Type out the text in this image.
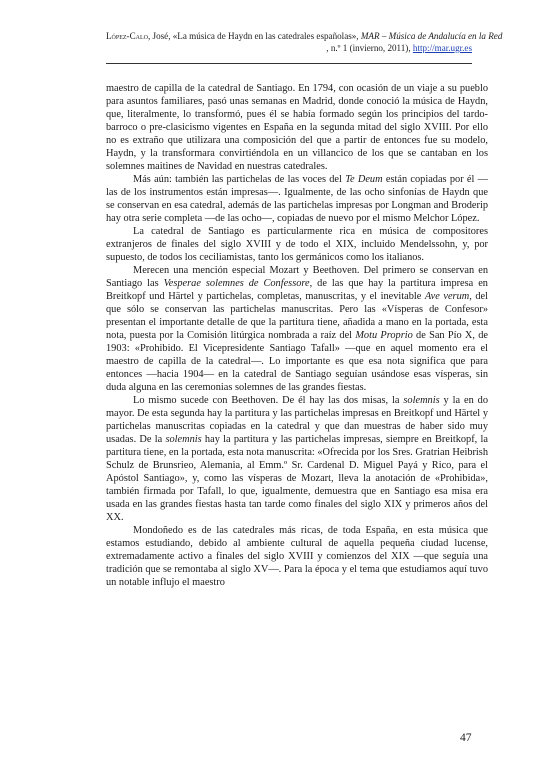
López-Calo, José, «La música de Haydn en las catedrales españolas», MAR – Música de Andalucía en la Red
, n.º 1 (invierno, 2011), http://mar.ugr.es

maestro de capilla de la catedral de Santiago. En 1794, con ocasión de un viaje a su pueblo para asuntos familiares, pasó unas semanas en Madrid, donde conoció la música de Haydn, que, literalmente, lo transformó, pues él se había formado según los principios del tardo-barroco o pre-clasicismo vigentes en España en la segunda mitad del siglo XVIII. Por ello no es extraño que utilizara una composición del que a partir de entonces fue su modelo, Haydn, y la transformara convirtiéndola en un villancico de los que se cantaban en los solemnes maitines de Navidad en nuestras catedrales.

Más aún: también las partichelas de las voces del Te Deum están copiadas por él —las de los instrumentos están impresas—. Igualmente, de las ocho sinfonías de Haydn que se conservan en esa catedral, además de las partichelas impresas por Longman and Broderip hay otra serie completa —de las ocho—, copiadas de nuevo por el mismo Melchor López.

La catedral de Santiago es particularmente rica en música de compositores extranjeros de finales del siglo XVIII y de todo el XIX, incluido Mendelssohn, y, por supuesto, de todos los ceciliamistas, tanto los germánicos como los italianos.

Merecen una mención especial Mozart y Beethoven. Del primero se conservan en Santiago las Vesperae solemnes de Confessore, de las que hay la partitura impresa en Breitkopf und Härtel y partichelas, completas, manuscritas, y el inevitable Ave verum, del que sólo se conservan las partichelas manuscritas. Pero las «Vísperas de Confesor» presentan el importante detalle de que la partitura tiene, añadida a mano en la portada, esta nota, puesta por la Comisión litúrgica nombrada a raíz del Motu Proprio de San Pío X, de 1903: «Prohibido. El Vicepresidente Santiago Tafall» —que en aquel momento era el maestro de capilla de la catedral—. Lo importante es que esa nota significa que para entonces —hacia 1904— en la catedral de Santiago seguían usándose esas vísperas, sin duda alguna en las ceremonias solemnes de las grandes fiestas.

Lo mismo sucede con Beethoven. De él hay las dos misas, la solemnis y la en do mayor. De esta segunda hay la partitura y las partichelas impresas en Breitkopf und Härtel y partichelas manuscritas copiadas en la catedral y que dan muestras de haber sido muy usadas. De la solemnis hay la partitura y las partichelas impresas, siempre en Breitkopf, la partitura tiene, en la portada, esta nota manuscrita: «Ofrecida por los Sres. Gratrian Heibrish Schulz de Brunsrieo, Alemania, al Emm.º Sr. Cardenal D. Miguel Payá y Rico, para el Apóstol Santiago», y, como las vísperas de Mozart, lleva la anotación de «Prohibida», también firmada por Tafall, lo que, igualmente, demuestra que en Santiago esa misa era usada en las grandes fiestas hasta tan tarde como finales del siglo XIX y primeros años del XX.

Mondoñedo es de las catedrales más ricas, de toda España, en esta música que estamos estudiando, debido al ambiente cultural de aquella pequeña ciudad lucense, extremadamente activo a finales del siglo XVIII y comienzos del XIX —que seguía una tradición que se remontaba al siglo XV—. Para la época y el tema que estudiamos aquí tuvo un notable influjo el maestro

47
